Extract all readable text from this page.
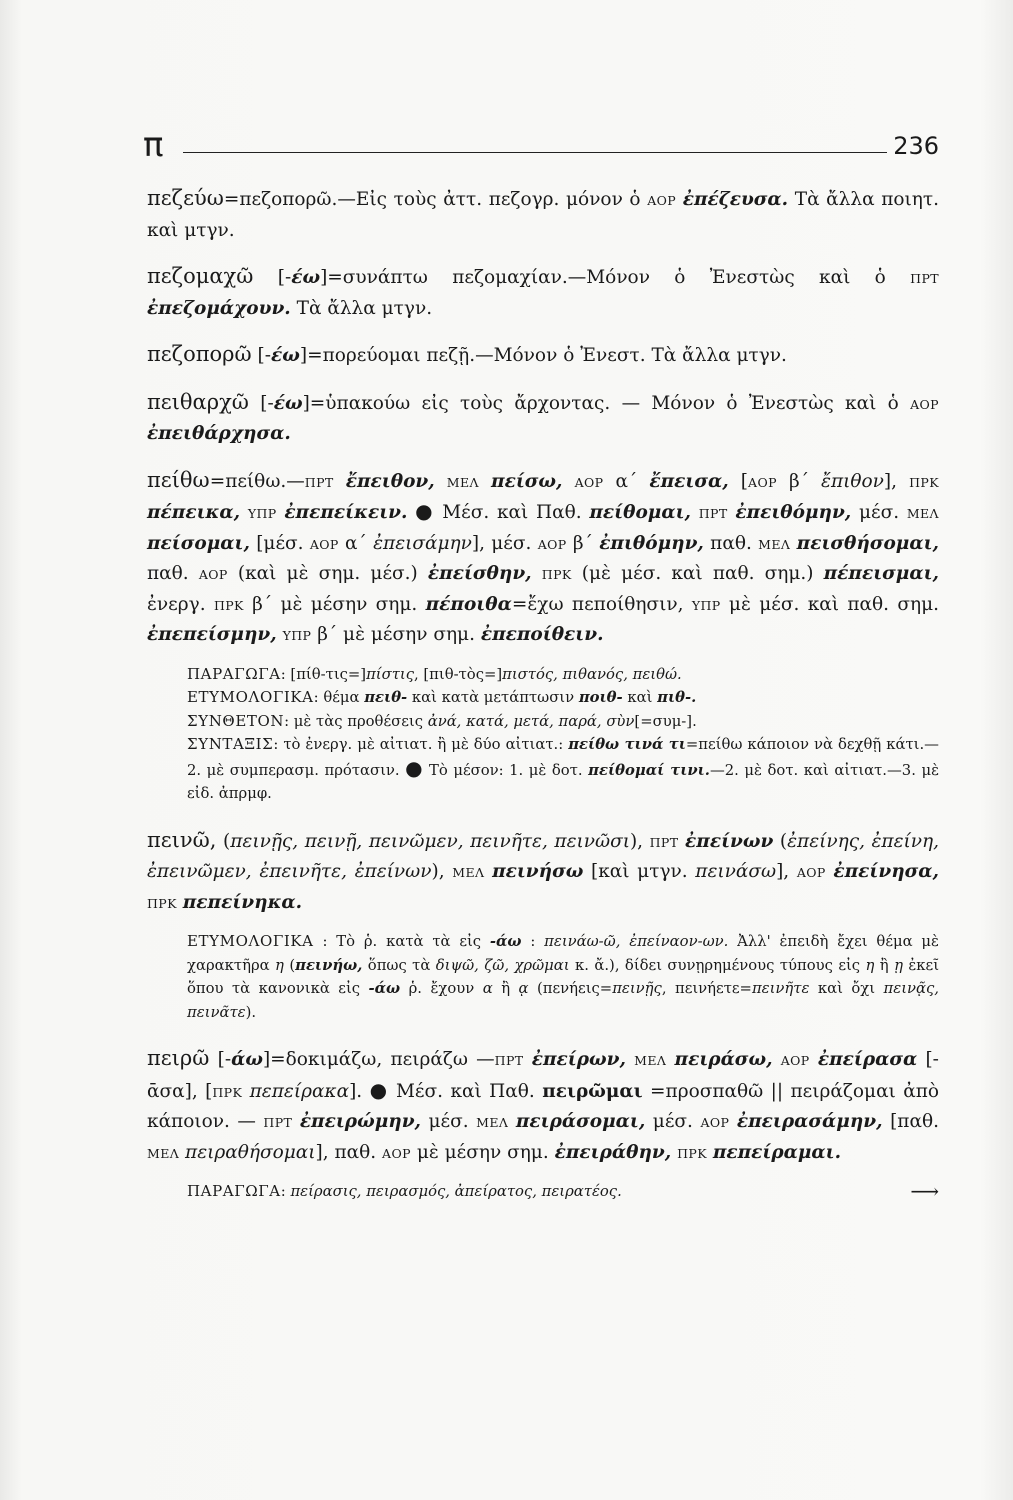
π	236

πεζεύω=πεζοπορῶ.—Εἰς τοὺς ἀττ. πεζογρ. μόνον ὁ ΑΟΡ ἐπέζευσα. Τὰ ἄλλα ποιητ. καὶ μτγν.

πεζομαχῶ [-έω]=συνάπτω πεζομαχίαν.—Μόνον ὁ Ἐνεστὼς καὶ ὁ ΠΡΤ ἐπεζομάχουν. Τὰ ἄλλα μτγν.

πεζοπορῶ [-έω]=πορεύομαι πεζῇ.—Μόνον ὁ Ἐνεστ. Τὰ ἄλλα μτγν.

πειθαρχῶ [-έω]=ὑπακούω εἰς τοὺς ἄρχοντας. — Μόνον ὁ Ἐνεστὼς καὶ ὁ ΑΟΡ ἐπειθάρχησα.

πείθω=πείθω.—ΠΡΤ ἔπειθον, ΜΕΛ πείσω, ΑΟΡ α΄ ἔπεισα, [ΑΟΡ β΄ ἔπιθον], ΠΡΚ πέπεικα, ΥΠΡ ἐπεπείκειν. ● Μέσ. καὶ Παθ. πείθομαι, ΠΡΤ ἐπειθόμην, μέσ. ΜΕΛ πείσομαι, [μέσ. ΑΟΡ α΄ ἐπεισάμην], μέσ. ΑΟΡ β΄ ἐπιθόμην, παθ. ΜΕΛ πεισθήσομαι, παθ. ΑΟΡ (καὶ μὲ σημ. μέσ.) ἐπείσθην, ΠΡΚ (μὲ μέσ. καὶ παθ. σημ.) πέπεισμαι, ἐνεργ. ΠΡΚ β΄ μὲ μέσην σημ. πέποιθα=ἔχω πεποίθησιν, ΥΠΡ μὲ μέσ. καὶ παθ. σημ. ἐπεπείσμην, ΥΠΡ β΄ μὲ μέσην σημ. ἐπεποίθειν.

ΠΑΡΑΓΩΓΑ: [πίθ-τις=]πίστις, [πιθ-τὸς=]πιστός, πιθανός, πειθώ.

ΕΤΥΜΟΛΟΓΙΚΑ: θέμα πειθ- καὶ κατὰ μετάπτωσιν ποιθ- καὶ πιθ-.

ΣΥΝΘΕΤΟΝ: μὲ τὰς προθέσεις ἀνά, κατά, μετά, παρά, σὺν[=συμ-].

ΣΥΝΤΑΞΙΣ: τὸ ἐνεργ. μὲ αἰτιατ. ἢ μὲ δύο αἰτιατ.: πείθω τινά τι=πείθω κάποιον νὰ δεχθῇ κάτι.—2. μὲ συμπερασμ. πρότασιν. ● Τὸ μέσον: 1. μὲ δοτ. πείθομαί τινι.—2. μὲ δοτ. καὶ αἰτιατ.—3. μὲ εἰδ. ἀπρμφ.

πεινῶ, (πεινῇς, πεινῇ, πεινῶμεν, πεινῆτε, πεινῶσι), ΠΡΤ ἐπείνων (ἐπείνης, ἐπείνη, ἐπεινῶμεν, ἐπεινῆτε, ἐπείνων), ΜΕΛ πεινήσω [καὶ μτγν. πεινάσω], ΑΟΡ ἐπείνησα, ΠΡΚ πεπείνηκα.

ΕΤΥΜΟΛΟΓΙΚΑ : Τὸ ῥ. κατὰ τὰ εἰς -άω : πεινάω-ῶ, ἐπείναον-ων. Ἀλλ' ἐπειδὴ ἔχει θέμα μὲ χαρακτῆρα η (πεινήω, ὅπως τὰ διψῶ, ζῶ, χρῶμαι κ. ἄ.), δίδει συνῃρημένους τύπους εἰς η ἢ ῃ ἐκεῖ ὅπου τὰ κανονικὰ εἰς -άω ῥ. ἔχουν α ἢ ᾳ (πενήεις=πεινῇς, πεινήετε=πεινῆτε καὶ ὄχι πεινᾷς, πεινᾶτε).

πειρῶ [-άω]=δοκιμάζω, πειράζω —ΠΡΤ ἐπείρων, ΜΕΛ πειράσω, ΑΟΡ ἐπείρασα [-ᾱσα], [ΠΡΚ πεπείρακα]. ● Μέσ. καὶ Παθ. πειρῶμαι =προσπαθῶ || πειράζομαι ἀπὸ κάποιον. — ΠΡΤ ἐπειρώμην, μέσ. ΜΕΛ πειράσομαι, μέσ. ΑΟΡ ἐπειρασάμην, [παθ. ΜΕΛ πειραθήσομαι], παθ. ΑΟΡ μὲ μέσην σημ. ἐπειράθην, ΠΡΚ πεπείραμαι.

ΠΑΡΑΓΩΓΑ: πείρασις, πειρασμός, ἀπείρατος, πειρατέος.	⟶
